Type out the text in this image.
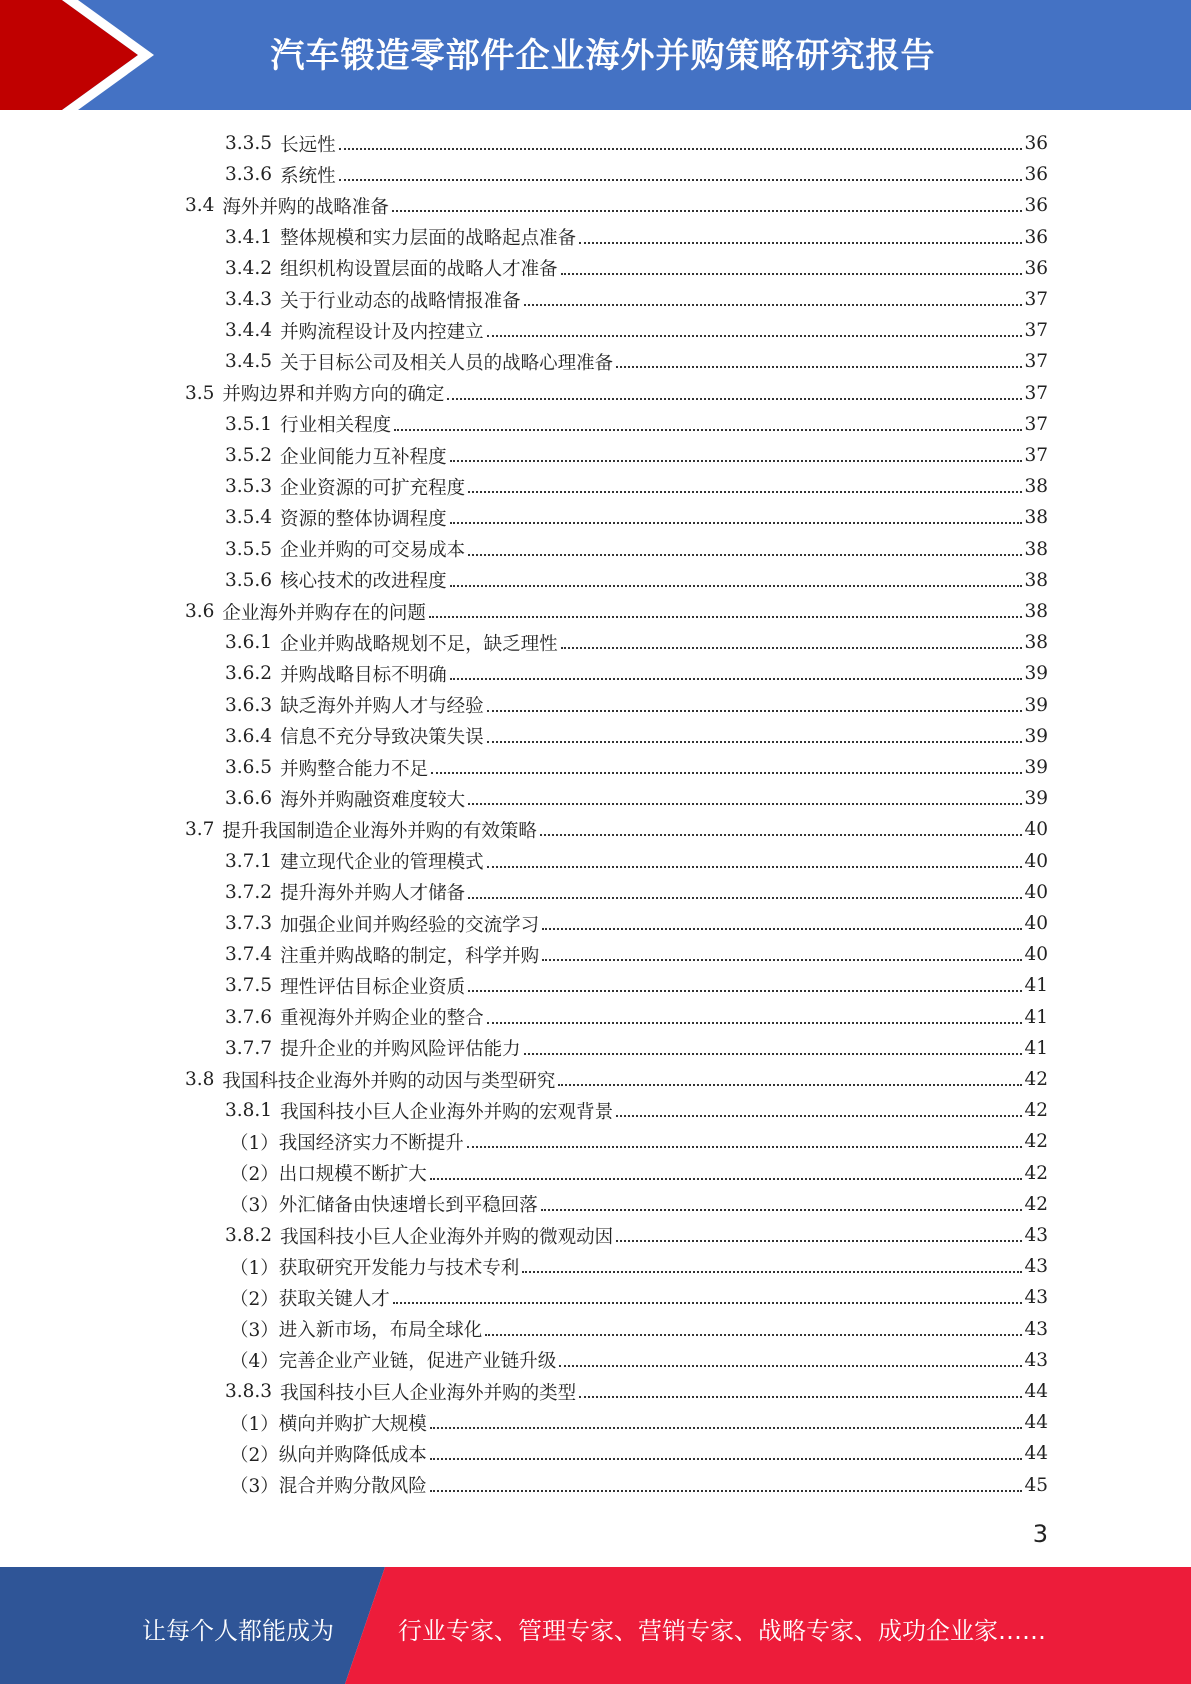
汽车锻造零部件企业海外并购策略研究报告
3.3.5 长远性	36
3.3.6 系统性	36
3.4 海外并购的战略准备	36
3.4.1 整体规模和实力层面的战略起点准备	36
3.4.2 组织机构设置层面的战略人才准备	36
3.4.3 关于行业动态的战略情报准备	37
3.4.4 并购流程设计及内控建立	37
3.4.5 关于目标公司及相关人员的战略心理准备	37
3.5 并购边界和并购方向的确定	37
3.5.1 行业相关程度	37
3.5.2 企业间能力互补程度	37
3.5.3 企业资源的可扩充程度	38
3.5.4 资源的整体协调程度	38
3.5.5 企业并购的可交易成本	38
3.5.6 核心技术的改进程度	38
3.6 企业海外并购存在的问题	38
3.6.1 企业并购战略规划不足，缺乏理性	38
3.6.2 并购战略目标不明确	39
3.6.3 缺乏海外并购人才与经验	39
3.6.4 信息不充分导致决策失误	39
3.6.5 并购整合能力不足	39
3.6.6 海外并购融资难度较大	39
3.7 提升我国制造企业海外并购的有效策略	40
3.7.1 建立现代企业的管理模式	40
3.7.2 提升海外并购人才储备	40
3.7.3 加强企业间并购经验的交流学习	40
3.7.4 注重并购战略的制定，科学并购	40
3.7.5 理性评估目标企业资质	41
3.7.6 重视海外并购企业的整合	41
3.7.7 提升企业的并购风险评估能力	41
3.8 我国科技企业海外并购的动因与类型研究	42
3.8.1 我国科技小巨人企业海外并购的宏观背景	42
（1） 我国经济实力不断提升	42
（2） 出口规模不断扩大	42
（3） 外汇储备由快速增长到平稳回落	42
3.8.2 我国科技小巨人企业海外并购的微观动因	43
（1） 获取研究开发能力与技术专利	43
（2） 获取关键人才	43
（3） 进入新市场，布局全球化	43
（4） 完善企业产业链，促进产业链升级	43
3.8.3 我国科技小巨人企业海外并购的类型	44
（1） 横向并购扩大规模	44
（2） 纵向并购降低成本	44
（3） 混合并购分散风险	45
3
让每个人都能成为	行业专家、管理专家、营销专家、战略专家、成功企业家……
